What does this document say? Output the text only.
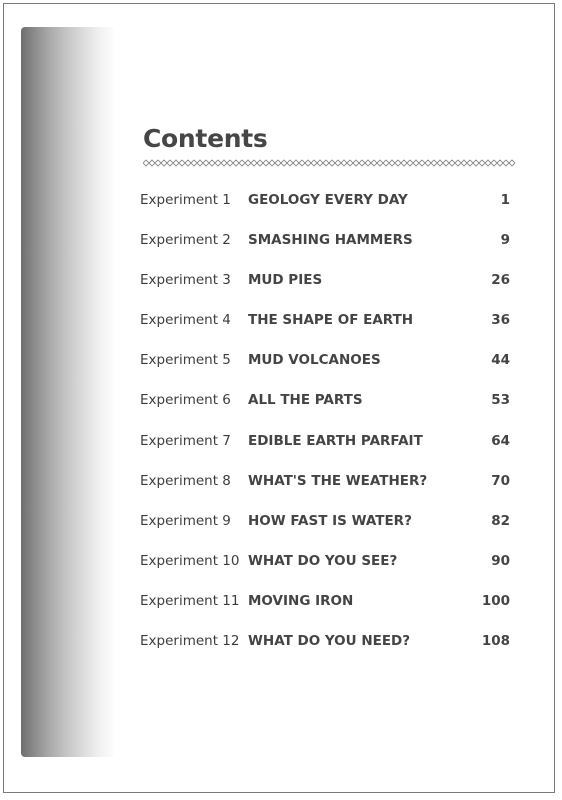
Contents
Experiment 1 GEOLOGY EVERY DAY	1
Experiment 2 SMASHING HAMMERS	9
Experiment 3 MUD PIES	26
Experiment 4 THE SHAPE OF EARTH	36
Experiment 5 MUD VOLCANOES	44
Experiment 6 ALL THE PARTS	53
Experiment 7 EDIBLE EARTH PARFAIT	64
Experiment 8 WHAT'S THE WEATHER?	70
Experiment 9 HOW FAST IS WATER?	82
Experiment 10 WHAT DO YOU SEE?	90
Experiment 11 MOVING IRON	100
Experiment 12 WHAT DO YOU NEED?	108
